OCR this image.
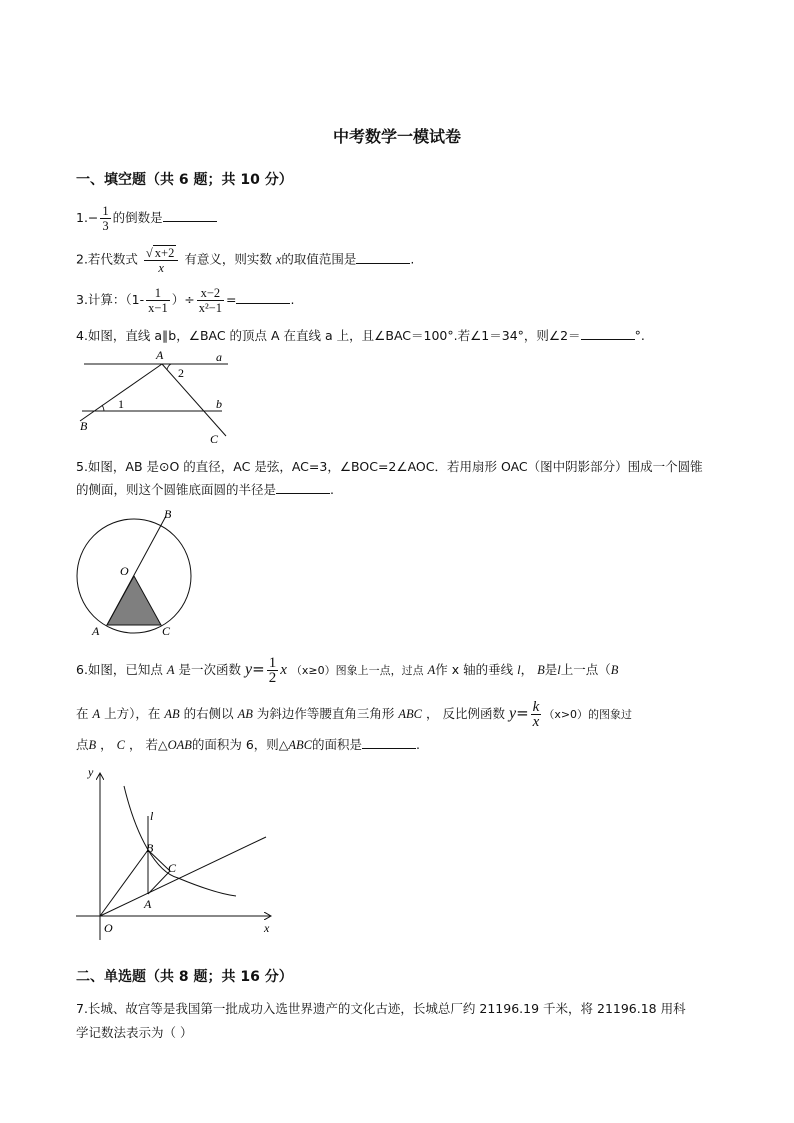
中考数学一模试卷
一、填空题（共 6 题；共 10 分）
$1.- \frac{1}{3}$ 的倒数是
2.若代数式 $\frac{√ x+2}{x}$ 有意义，则实数 x的取值范围是	.
3.计算：（$1- \frac{1}{x-1}$ ）÷ $\frac{x-2}{\text{x²−1}}$ =	.
4.如图，直线 a∥b，∠BAC 的顶点 A 在直线 a 上，且∠BAC＝100°.若∠1＝34°，则∠2＝	°.
A	a
b
B
C
1
2
5.如图，AB 是⊙O 的直径，AC 是弦，AC=3，∠BOC=2∠AOC．若用扇形 OAC（图中阴影部分）围成一个圆锥
的侧面，则这个圆锥底面圆的半径是	.
B
O
A	C
6.如图，已知点 A 是一次函数 $y= \frac{1}{2}$ x （x≥0）图象上一点，过点 A作 x 轴的垂线 l， B是l上一点（B
在 A 上方），在 AB 的右侧以 AB 为斜边作等腰直角三角形 ABC ， 反比例函数 $y= \frac{k}{x} (x>0)$的图象过
点B ， C ， 若△OAB的面积为 6，则△ABC的面积是	.
y
x
O
l
B
C
A
二、单选题（共 8 题；共 16 分）
7.长城、故宫等是我国第一批成功入选世界遗产的文化古迹，长城总厂约 21196.19 千米，将 21196.18 用科
学记数法表示为（ ）
